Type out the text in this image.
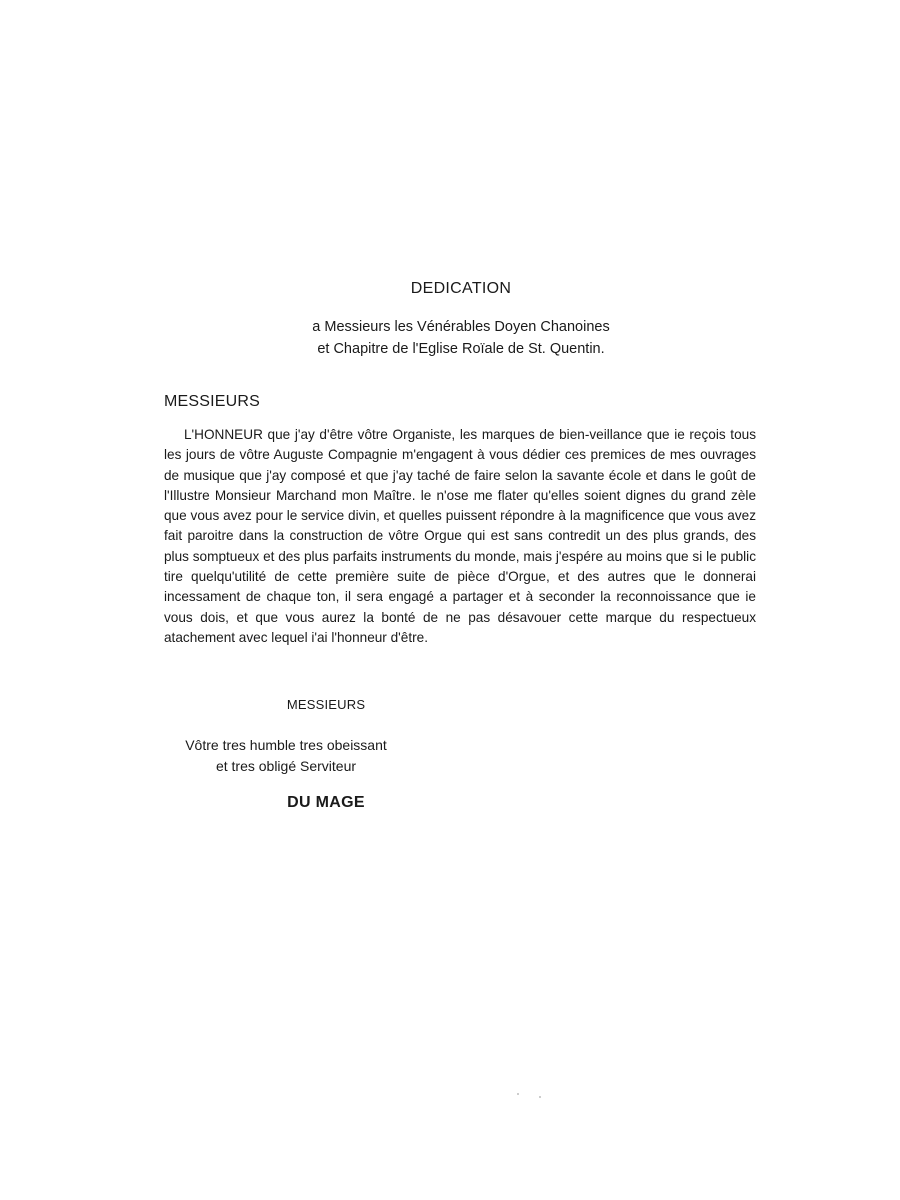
DEDICATION
a Messieurs les Vénérables Doyen Chanoines
et Chapitre de l'Eglise Roïale de St. Quentin.
MESSIEURS

L'HONNEUR que j'ay d'être vôtre Organiste, les marques de bien-veillance que ie reçois tous les jours de vôtre Auguste Compagnie m'engagent à vous dédier ces premices de mes ouvrages de musique que j'ay composé et que j'ay taché de faire selon la savante école et dans le goût de l'Illustre Monsieur Marchand mon Maître. le n'ose me flater qu'elles soient dignes du grand zèle que vous avez pour le service divin, et quelles puissent répondre à la magnificence que vous avez fait paroitre dans la construction de vôtre Orgue qui est sans contredit un des plus grands, des plus somptueux et des plus parfaits instruments du monde, mais j'espére au moins que si le public tire quelqu'utilité de cette première suite de pièce d'Orgue, et des autres que le donnerai incessament de chaque ton, il sera engagé a partager et à seconder la reconnoissance que ie vous dois, et que vous aurez la bonté de ne pas désavouer cette marque du respectueux atachement avec lequel i'ai l'honneur d'être.

MESSIEURS
Vôtre tres humble tres obeissant
et tres obligé Serviteur
DU MAGE
